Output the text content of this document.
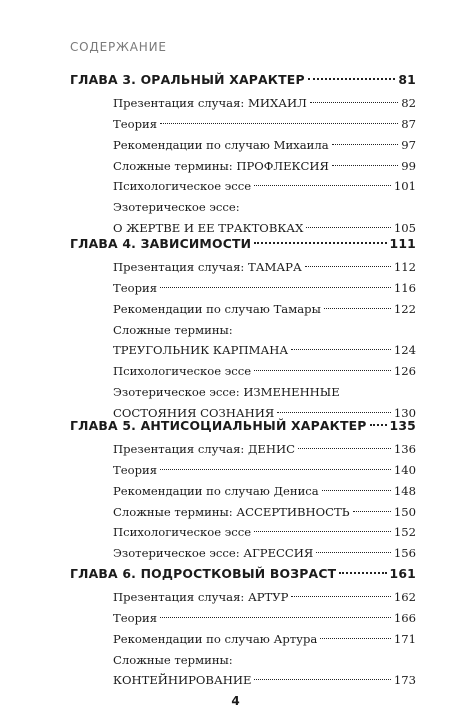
СОДЕРЖАНИЕ
ГЛАВА 3. ОРАЛЬНЫЙ ХАРАКТЕР	81
Презентация случая: МИХАИЛ	82
Теория	87
Рекомендации по случаю Михаила	97
Сложные термины: ПРОФЛЕКСИЯ	99
Психологическое эссе	101
Эзотерическое эссе:
О ЖЕРТВЕ И ЕЕ ТРАКТОВКАХ	105
ГЛАВА 4. ЗАВИСИМОСТИ	111
Презентация случая: ТАМАРА	112
Теория	116
Рекомендации по случаю Тамары	122
Сложные термины:
ТРЕУГОЛЬНИК КАРПМАНА	124
Психологическое эссе	126
Эзотерическое эссе: ИЗМЕНЕННЫЕ
СОСТОЯНИЯ СОЗНАНИЯ	130
ГЛАВА 5. АНТИСОЦИАЛЬНЫЙ ХАРАКТЕР 135
Презентация случая: ДЕНИС	136
Теория	140
Рекомендации по случаю Дениса	148
Сложные термины: АССЕРТИВНОСТЬ	150
Психологическое эссе	152
Эзотерическое эссе: АГРЕССИЯ	156
ГЛАВА 6. ПОДРОСТКОВЫЙ ВОЗРАСТ	161
Презентация случая: АРТУР	162
Теория	166
Рекомендации по случаю Артура	171
Сложные термины:
КОНТЕЙНИРОВАНИЕ	173
4
